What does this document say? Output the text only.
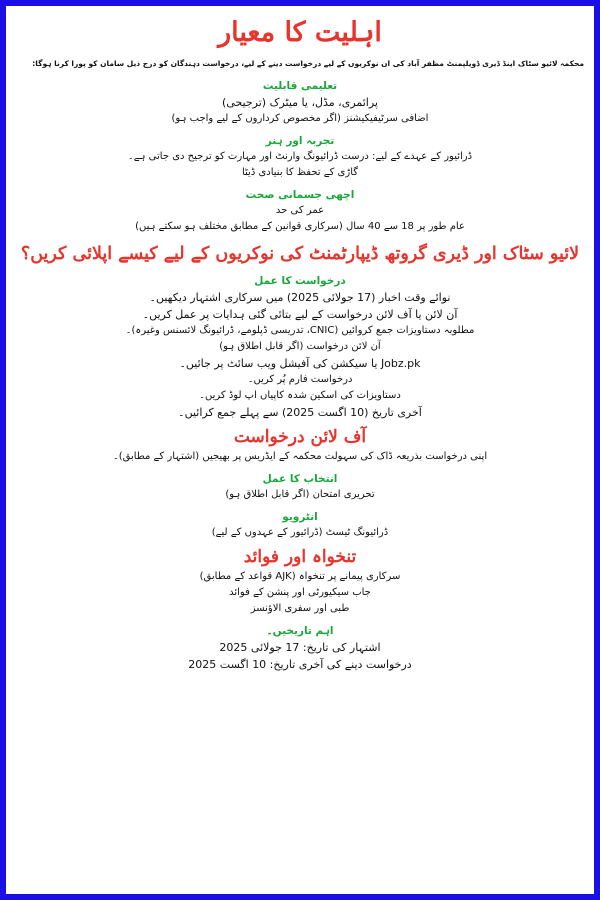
اہلیت کا معیار
محکمہ لائیو سٹاک اینڈ ڈیری ڈویلپمنٹ مظفر آباد کی ان نوکریوں کے لیے درخواست دینے کے لیے، درخواست دہندگان کو درج ذیل سامان کو پورا کرنا ہوگا:
تعلیمی قابلیت
پرائمری، مڈل، یا میٹرک (ترجیحی)
اضافی سرٹیفیکیشنز (اگر مخصوص کرداروں کے لیے واجب ہو)
تجربہ اور ہنر
ڈرائیور کے عہدے کے لیے: درست ڈرائیونگ وارنٹ اور مہارت کو ترجیح دی جاتی ہے۔
گاڑی کے تحفظ کا بنیادی ڈیٹا
اچھی جسمانی صحت
عمر کی حد
عام طور پر 18 سے 40 سال (سرکاری قوانین کے مطابق مختلف ہو سکتے ہیں)
لائیو سٹاک اور ڈیری گروتھ ڈیپارٹمنٹ کی نوکریوں کے لیے کیسے اپلائی کریں؟
درخواست کا عمل
نوائے وقت اخبار (17 جولائی 2025) میں سرکاری اشتہار دیکھیں۔
آن لائن یا آف لائن درخواست کے لیے بتائی گئی ہدایات پر عمل کریں۔
مطلوبہ دستاویزات جمع کروائیں (CNIC، تدریسی ڈپلومے، ڈرائیونگ لائسنس وغیرہ)۔
آن لائن درخواست (اگر قابل اطلاق ہو)
Jobz.pk یا سیکشن کی آفیشل ویب سائٹ پر جائیں۔
درخواست فارم پُر کریں۔
دستاویزات کی اسکین شدہ کاپیاں اپ لوڈ کریں۔
آخری تاریخ (10 اگست 2025) سے پہلے جمع کرائیں۔
آف لائن درخواست
اپنی درخواست بذریعہ ڈاک کی سہولت محکمہ کے ایڈریس پر بھیجیں (اشتہار کے مطابق)۔
انتخاب کا عمل
تحریری امتحان (اگر قابل اطلاق ہو)
انٹرویو
ڈرائیونگ ٹیسٹ (ڈرائیور کے عہدوں کے لیے)
تنخواہ اور فوائد
سرکاری پیمانے پر تنخواہ (AJK قواعد کے مطابق)
جاب سیکیورٹی اور پنشن کے فوائد
طبی اور سفری الاؤنسز
اہم تاریخیں۔
اشتہار کی تاریخ: 17 جولائی 2025
درخواست دینے کی آخری تاریخ: 10 اگست 2025
